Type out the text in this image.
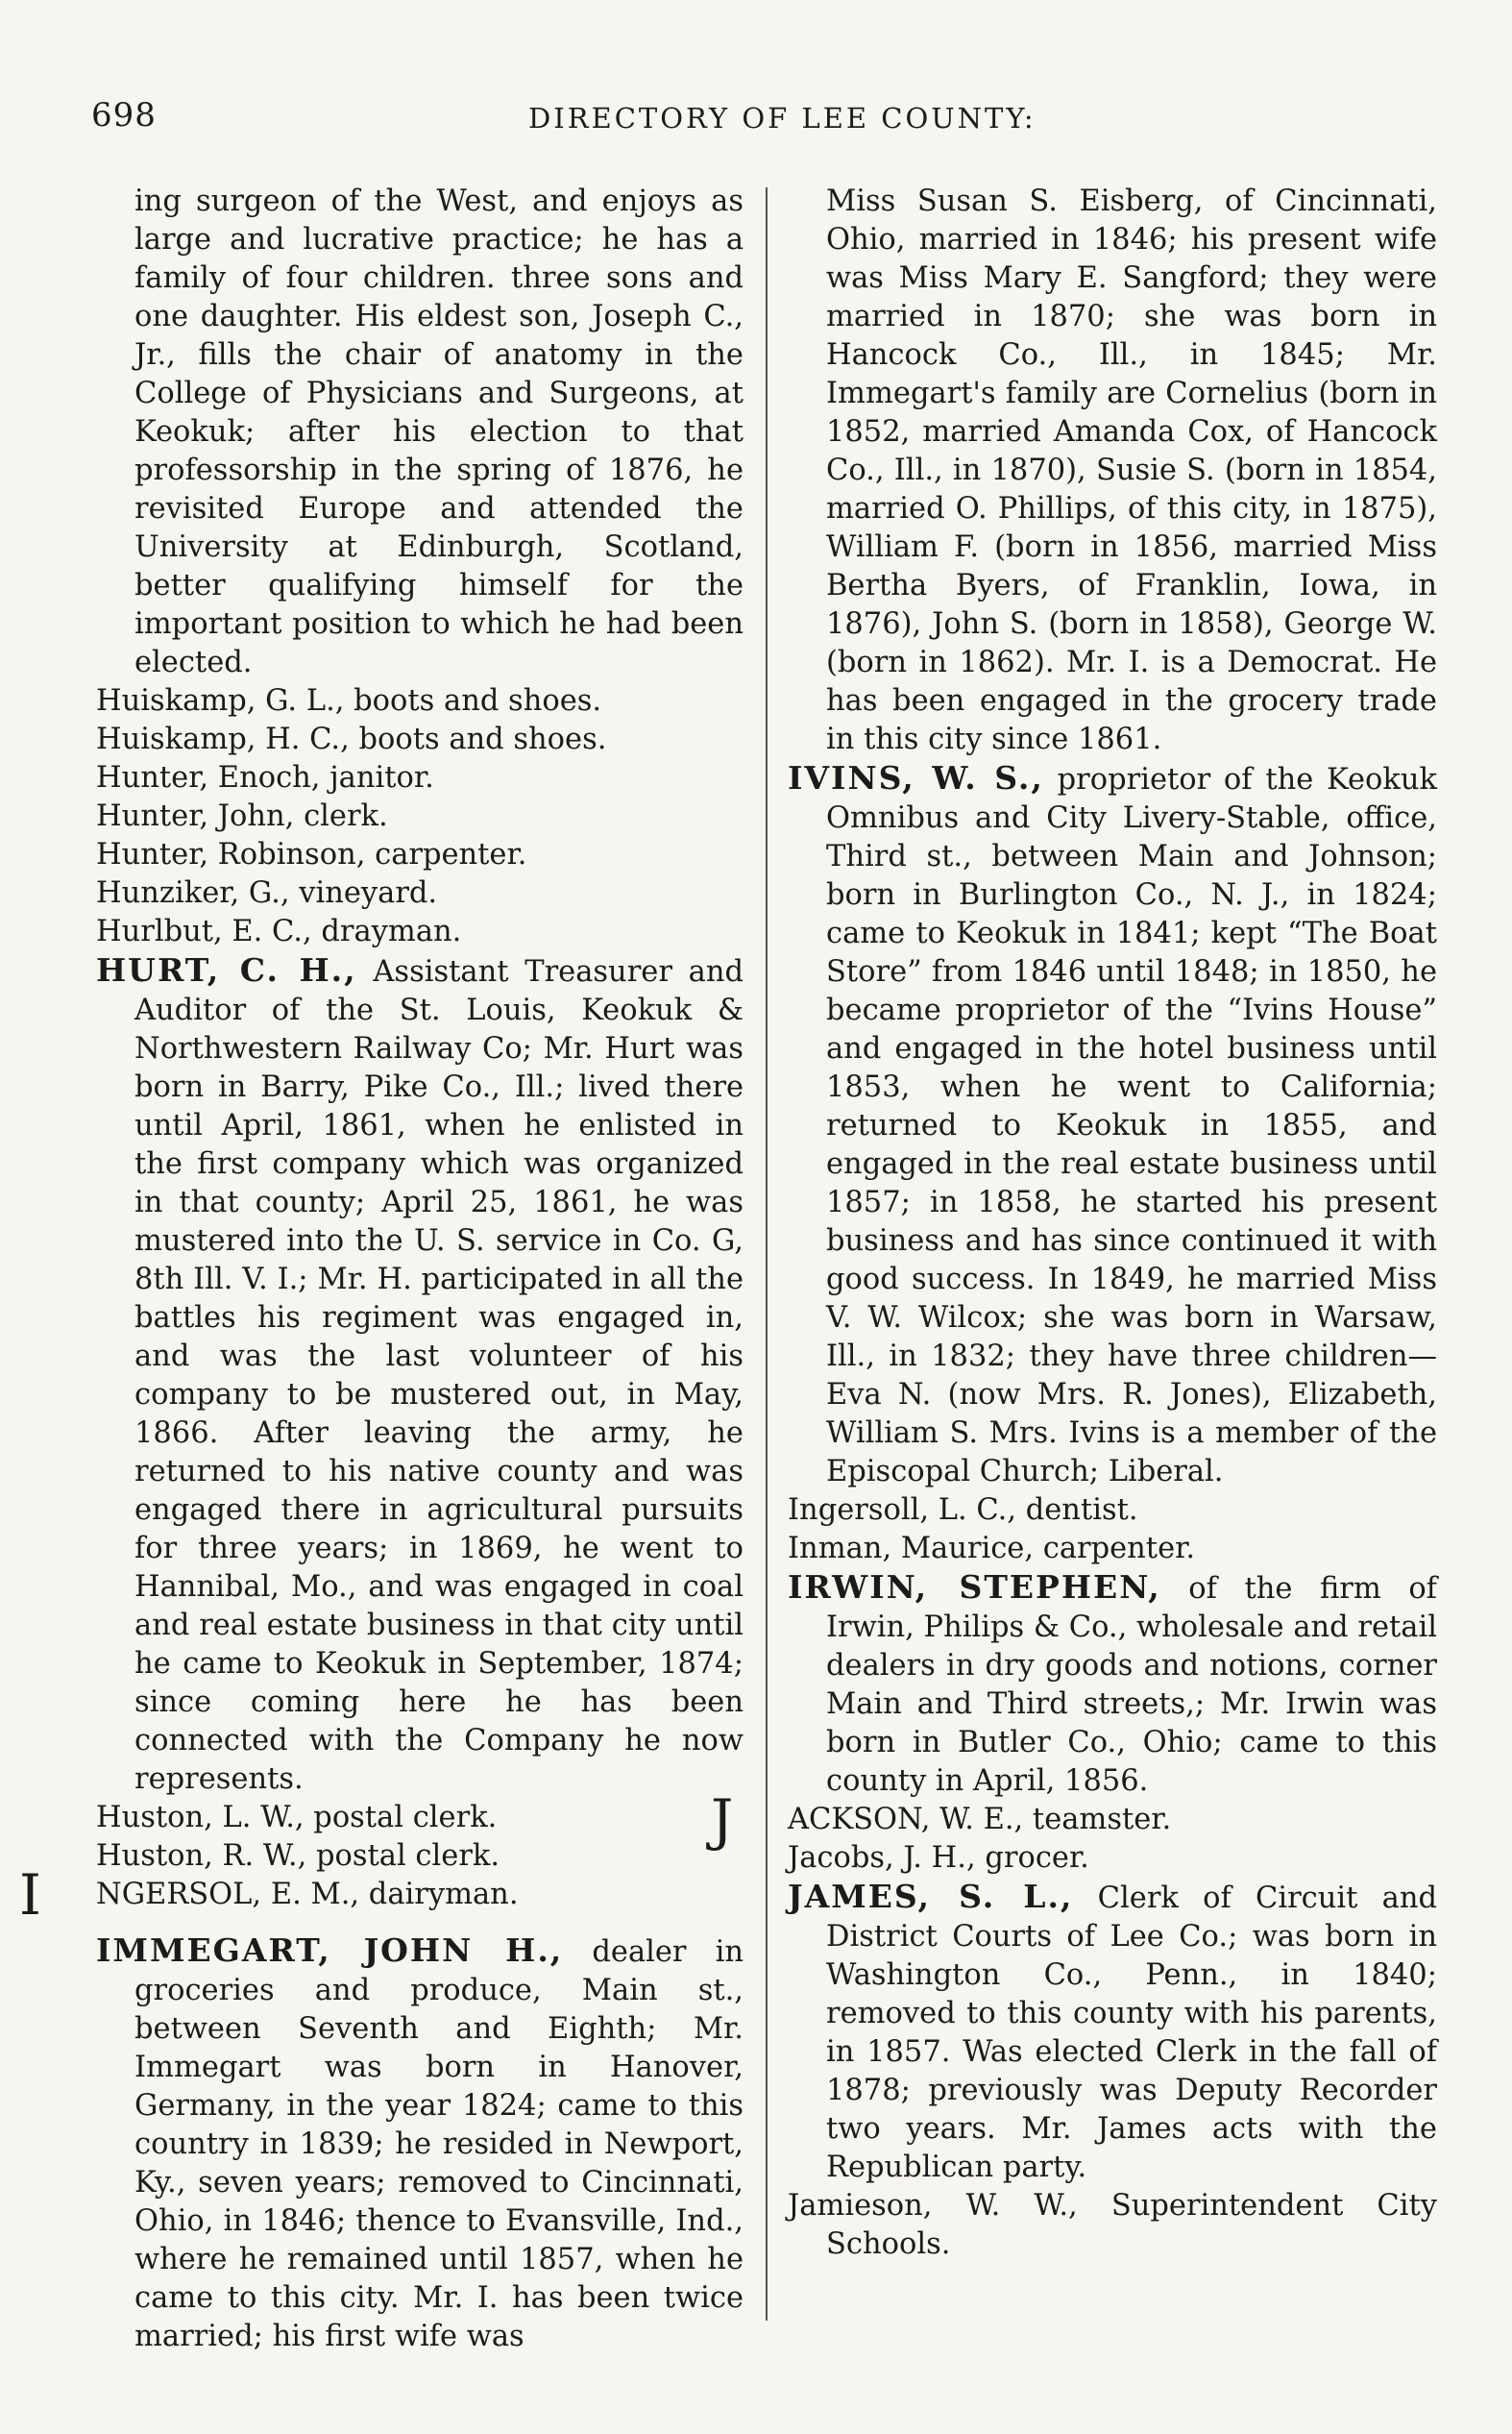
698	DIRECTORY OF LEE COUNTY:

ing surgeon of the West, and enjoys as large and lucrative practice; he has a family of four children. three sons and one daughter. His eldest son, Joseph C., Jr., fills the chair of anatomy in the College of Physicians and Surgeons, at Keokuk; after his election to that professorship in the spring of 1876, he revisited Europe and attended the University at Edinburgh, Scotland, better qualifying himself for the important position to which he had been elected.

Huiskamp, G. L., boots and shoes.

Huiskamp, H. C., boots and shoes.

Hunter, Enoch, janitor.

Hunter, John, clerk.

Hunter, Robinson, carpenter.

Hunziker, G., vineyard.

Hurlbut, E. C., drayman.

HURT, C. H., Assistant Treasurer and Auditor of the St. Louis, Keokuk & Northwestern Railway Co; Mr. Hurt was born in Barry, Pike Co., Ill.; lived there until April, 1861, when he enlisted in the first company which was organized in that county; April 25, 1861, he was mustered into the U. S. service in Co. G, 8th Ill. V. I.; Mr. H. participated in all the battles his regiment was engaged in, and was the last volunteer of his company to be mustered out, in May, 1866. After leaving the army, he returned to his native county and was engaged there in agricultural pursuits for three years; in 1869, he went to Hannibal, Mo., and was engaged in coal and real estate business in that city until he came to Keokuk in September, 1874; since coming here he has been connected with the Company he now represents.

Huston, L. W., postal clerk.

Huston, R. W., postal clerk.

I NGERSOL, E. M., dairyman.

IMMEGART, JOHN H., dealer in groceries and produce, Main st., between Seventh and Eighth; Mr. Immegart was born in Hanover, Germany, in the year 1824; came to this country in 1839; he resided in Newport, Ky., seven years; removed to Cincinnati, Ohio, in 1846; thence to Evansville, Ind., where he remained until 1857, when he came to this city. Mr. I. has been twice married; his first wife was

Miss Susan S. Eisberg, of Cincinnati, Ohio, married in 1846; his present wife was Miss Mary E. Sangford; they were married in 1870; she was born in Hancock Co., Ill., in 1845; Mr. Immegart's family are Cornelius (born in 1852, married Amanda Cox, of Hancock Co., Ill., in 1870), Susie S. (born in 1854, married O. Phillips, of this city, in 1875), William F. (born in 1856, married Miss Bertha Byers, of Franklin, Iowa, in 1876), John S. (born in 1858), George W. (born in 1862). Mr. I. is a Democrat. He has been engaged in the grocery trade in this city since 1861.

IVINS, W. S., proprietor of the Keokuk Omnibus and City Livery-Stable, office, Third st., between Main and Johnson; born in Burlington Co., N. J., in 1824; came to Keokuk in 1841; kept “The Boat Store” from 1846 until 1848; in 1850, he became proprietor of the “Ivins House” and engaged in the hotel business until 1853, when he went to California; returned to Keokuk in 1855, and engaged in the real estate business until 1857; in 1858, he started his present business and has since continued it with good success. In 1849, he married Miss V. W. Wilcox; she was born in Warsaw, Ill., in 1832; they have three children—Eva N. (now Mrs. R. Jones), Elizabeth, William S. Mrs. Ivins is a member of the Episcopal Church; Liberal.

Ingersoll, L. C., dentist.

Inman, Maurice, carpenter.

IRWIN, STEPHEN, of the firm of Irwin, Philips & Co., wholesale and retail dealers in dry goods and notions, corner Main and Third streets,; Mr. Irwin was born in Butler Co., Ohio; came to this county in April, 1856.

J ACKSON, W. E., teamster.

Jacobs, J. H., grocer.

JAMES, S. L., Clerk of Circuit and District Courts of Lee Co.; was born in Washington Co., Penn., in 1840; removed to this county with his parents, in 1857. Was elected Clerk in the fall of 1878; previously was Deputy Recorder two years. Mr. James acts with the Republican party.

Jamieson, W. W., Superintendent City Schools.
